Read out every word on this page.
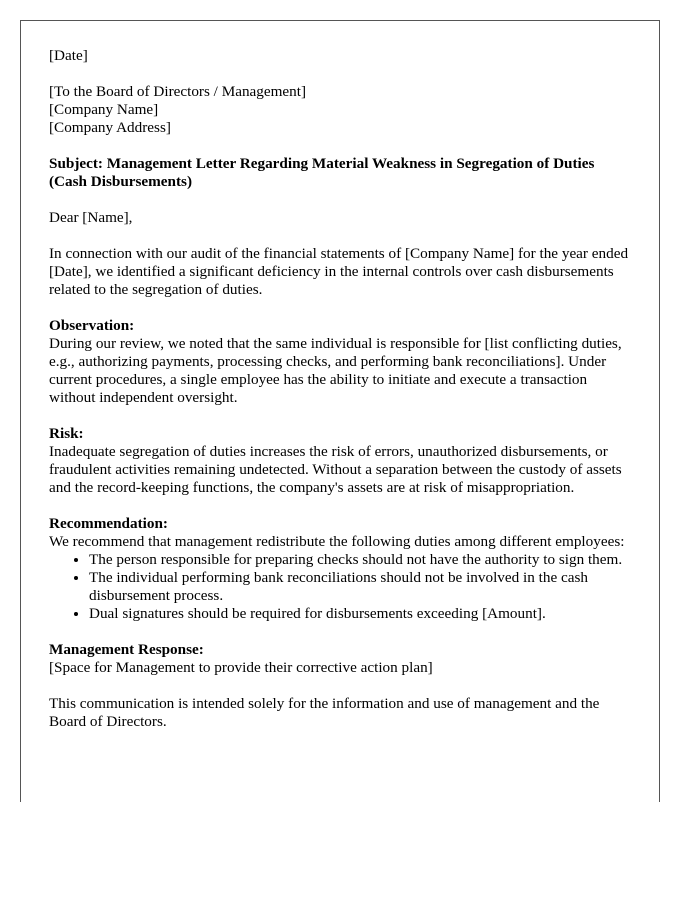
[Date]

[To the Board of Directors / Management]

[Company Name]

[Company Address]

Subject: Management Letter Regarding Material Weakness in Segregation of Duties (Cash Disbursements)

Dear [Name],

In connection with our audit of the financial statements of [Company Name] for the year ended [Date], we identified a significant deficiency in the internal controls over cash disbursements related to the segregation of duties.

Observation:

During our review, we noted that the same individual is responsible for [list conflicting duties, e.g., authorizing payments, processing checks, and performing bank reconciliations]. Under current procedures, a single employee has the ability to initiate and execute a transaction without independent oversight.

Risk:

Inadequate segregation of duties increases the risk of errors, unauthorized disbursements, or fraudulent activities remaining undetected. Without a separation between the custody of assets and the record-keeping functions, the company's assets are at risk of misappropriation.

Recommendation:

We recommend that management redistribute the following duties among different employees:

• The person responsible for preparing checks should not have the authority to sign them.
• The individual performing bank reconciliations should not be involved in the cash disbursement process.
• Dual signatures should be required for disbursements exceeding [Amount].

Management Response:

[Space for Management to provide their corrective action plan]

This communication is intended solely for the information and use of management and the Board of Directors.
